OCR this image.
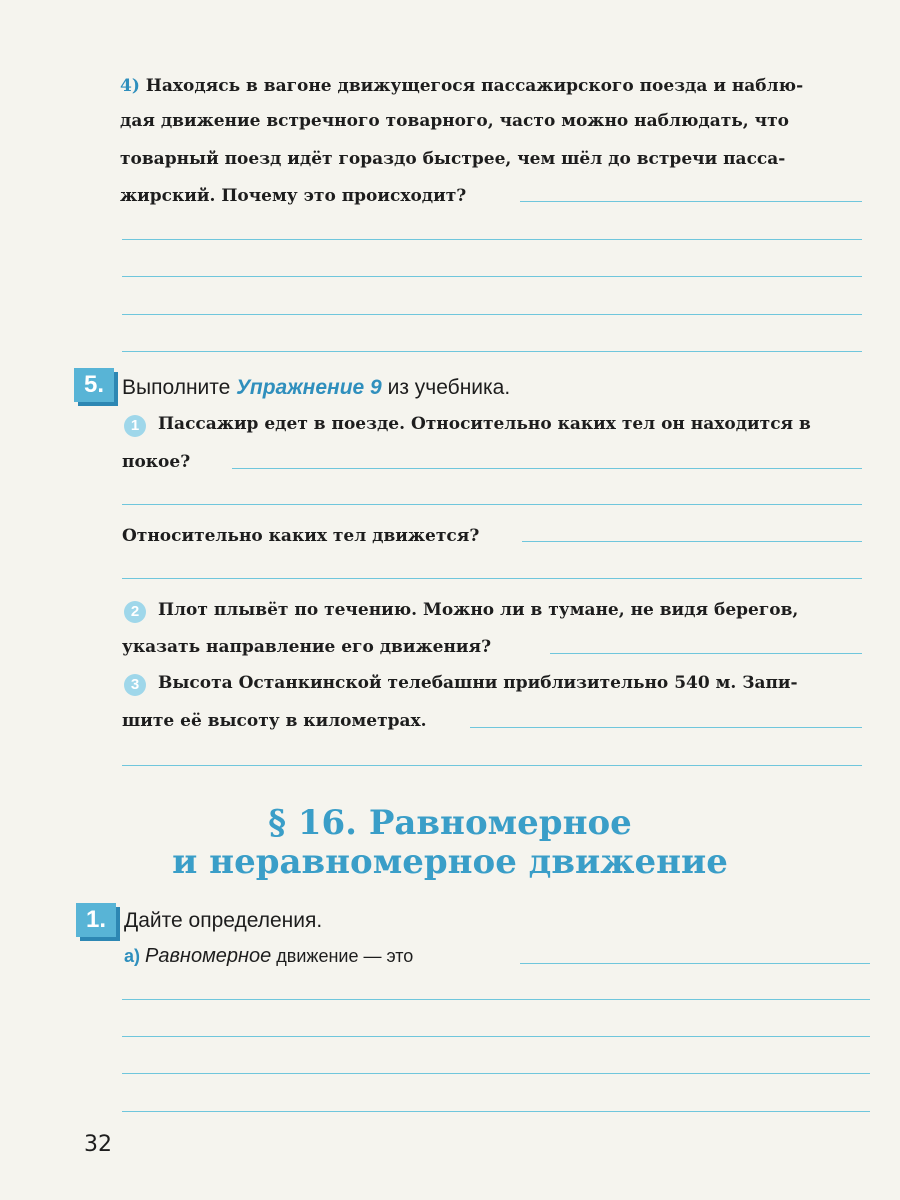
4) Находясь в вагоне движущегося пассажирского поезда и наблю-
дая движение встречного товарного, часто можно наблюдать, что
товарный поезд идёт гораздо быстрее, чем шёл до встречи пасса-
жирский. Почему это происходит?
5. Выполните Упражнение 9 из учебника.
1	Пассажир едет в поезде. Относительно каких тел он находится в
покое?
Относительно каких тел движется?
2	Плот плывёт по течению. Можно ли в тумане, не видя берегов,
указать направление его движения?
3	Высота Останкинской телебашни приблизительно 540 м. Запи-
шите её высоту в километрах.
§ 16. Равномерное
и неравномерное движение
1. Дайте определения.
а) Равномерное движение — это
32
